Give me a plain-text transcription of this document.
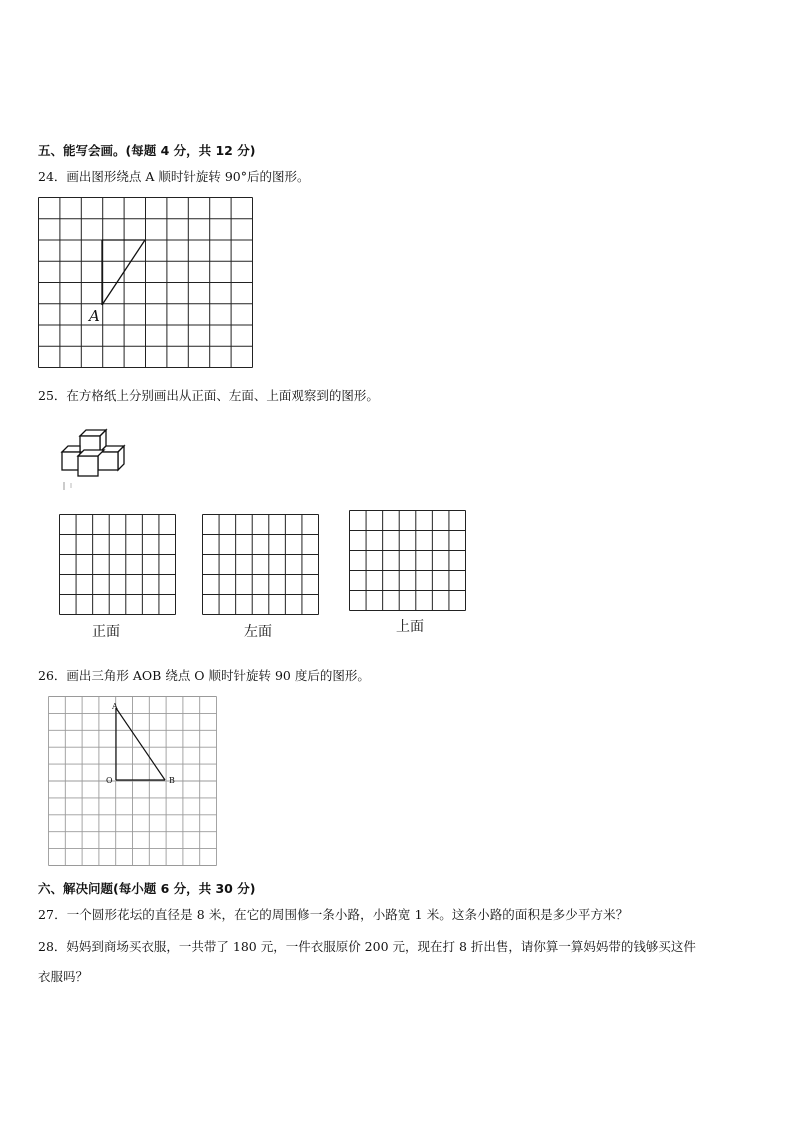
五、能写会画。(每题 4 分，共 12 分)
24．画出图形绕点 A 顺时针旋转 90°后的图形。
A
25．在方格纸上分别画出从正面、左面、上面观察到的图形。
正面	左面	上面
26．画出三角形 AOB 绕点 O 顺时针旋转 90 度后的图形。
A
O	B
六、解决问题(每小题 6 分，共 30 分)
27．一个圆形花坛的直径是 8 米，在它的周围修一条小路，小路宽 1 米。这条小路的面积是多少平方米？
28．妈妈到商场买衣服，一共带了 180 元，一件衣服原价 200 元，现在打 8 折出售，请你算一算妈妈带的钱够买这件
衣服吗？
